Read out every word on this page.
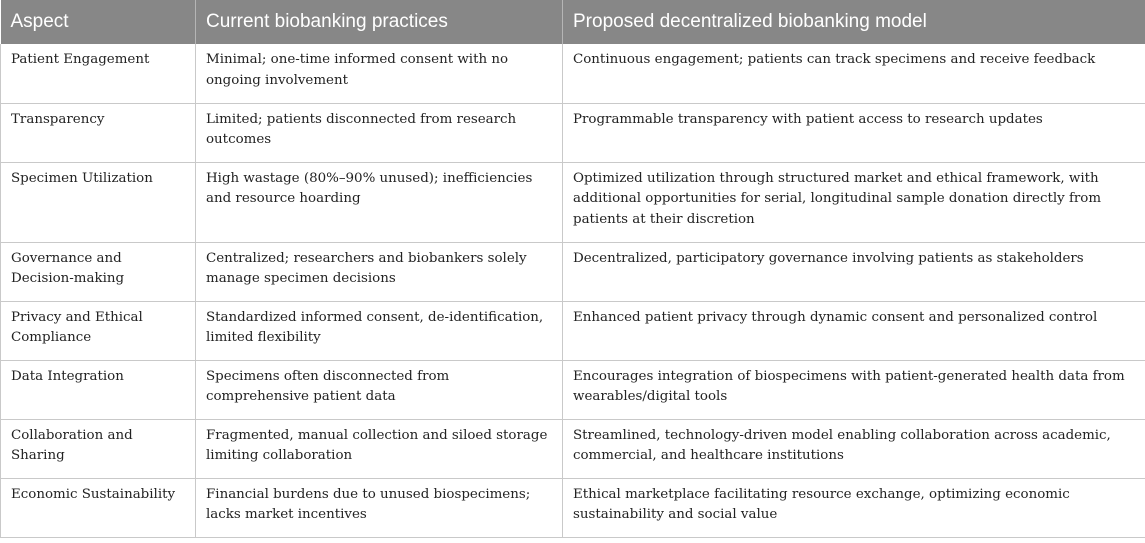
Aspect	Current biobanking practices	Proposed decentralized biobanking model
Patient Engagement	Minimal; one-time informed consent with no ongoing involvement	Continuous engagement; patients can track specimens and receive feedback
Transparency	Limited; patients disconnected from research outcomes	Programmable transparency with patient access to research updates
Specimen Utilization	High wastage (80%–90% unused); inefficiencies and resource hoarding	Optimized utilization through structured market and ethical framework, with additional opportunities for serial, longitudinal sample donation directly from patients at their discretion
Governance and Decision-making	Centralized; researchers and biobankers solely manage specimen decisions	Decentralized, participatory governance involving patients as stakeholders
Privacy and Ethical Compliance	Standardized informed consent, de-identification, limited flexibility	Enhanced patient privacy through dynamic consent and personalized control
Data Integration	Specimens often disconnected from comprehensive patient data	Encourages integration of biospecimens with patient-generated health data from wearables/digital tools
Collaboration and Sharing	Fragmented, manual collection and siloed storage limiting collaboration	Streamlined, technology-driven model enabling collaboration across academic, commercial, and healthcare institutions
Economic Sustainability	Financial burdens due to unused biospecimens; lacks market incentives	Ethical marketplace facilitating resource exchange, optimizing economic sustainability and social value
